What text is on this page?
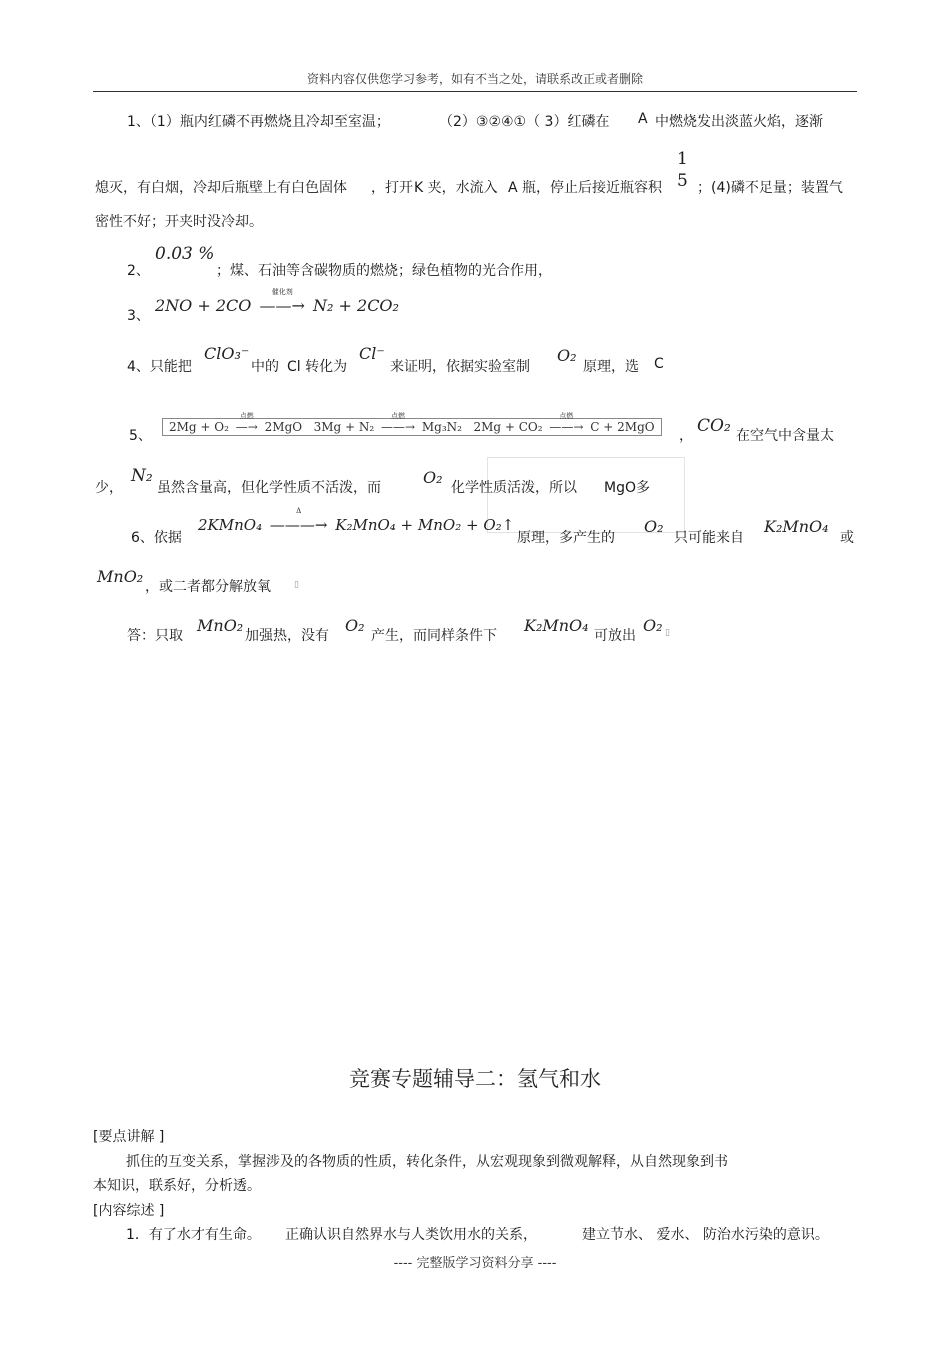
资料内容仅供您学习参考，如有不当之处，请联系改正或者删除
1、（1）瓶内红磷不再燃烧且冷却至室温；	（2）③②④①（ 3）红磷在 A 中燃烧发出淡蓝火焰，逐渐
熄灭，有白烟，冷却后瓶壁上有白色固体 ，打开 K 夹，水流入 A 瓶，停止后接近瓶容积
1
5 ；(4)磷不足量；装置气
密性不好；开夹时没冷却。
2、
0.03 %
；煤、石油等含碳物质的燃烧；绿色植物的光合作用，
3、
2NO + 2CO
催化剂
——→ N₂ + 2CO₂
4、只能把
ClO₃⁻
中的 Cl 转化为
Cl⁻
来证明，依据实验室制
O₂
原理，选 C
5、
2Mg + O₂
点燃
—→ 2MgO 3Mg + N₂
点燃
——→ Mg₃N₂ 2Mg + CO₂
点燃
——→ C + 2MgO
， CO₂ 在空气中含量太
少，
N₂
虽然含量高，但化学性质不活泼，而
O₂
化学性质活泼，所以 MgO多
6、依据
2KMnO₄
Δ
———→ K₂MnO₄ + MnO₂ + O₂↑
原理，多产生的
O₂
只可能来自
K₂MnO₄
或
MnO₂
，或二者都分解放氧	▯
答：只取
MnO₂
加强热，没有
O₂
产生，而同样条件下
K₂MnO₄
可放出
O₂ ▯
竞赛专题辅导二：氢气和水
[要点讲解 ]
抓住的互变关系，掌握涉及的各物质的性质，转化条件，从宏观现象到微观解释，从自然现象到书
本知识，联系好，分析透。
[内容综述 ]
1．有了水才有生命。 正确认识自然界水与人类饮用水的关系，	建立节水、 爱水、 防治水污染的意识。
---- 完整版学习资料分享 ----
